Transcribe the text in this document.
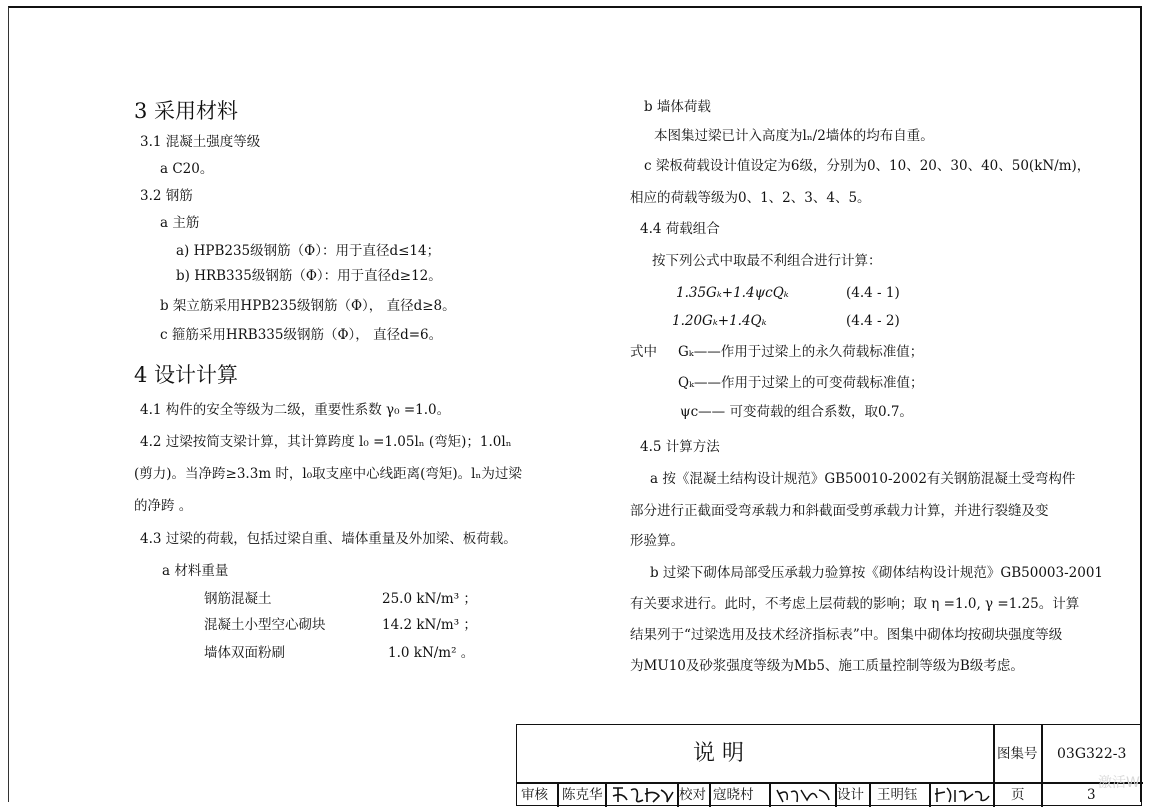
3 采用材料
3.1 混凝土强度等级
a C20。
3.2 钢筋
a 主筋
a) HPB235级钢筋（Φ）：用于直径d≤14；
b) HRB335级钢筋（Φ）：用于直径d≥12。
b 架立筋采用HPB235级钢筋（Φ）， 直径d≥8。
c 箍筋采用HRB335级钢筋（Φ）， 直径d=6。
4 设计计算
4.1 构件的安全等级为二级，重要性系数 γ₀ =1.0。
4.2 过梁按简支梁计算，其计算跨度 l₀ =1.05lₙ (弯矩)；1.0lₙ
(剪力)。当净跨≥3.3m 时，l₀取支座中心线距离(弯矩)。lₙ为过梁
的净跨 。
4.3 过梁的荷载，包括过梁自重、墙体重量及外加梁、板荷载。
a 材料重量
钢筋混凝土	25.0 kN/m³ ；
混凝土小型空心砌块	14.2 kN/m³ ；
墙体双面粉刷	1.0 kN/m² 。
b 墙体荷载
本图集过梁已计入高度为lₙ/2墙体的均布自重。
c 梁板荷载设计值设定为6级，分别为0、10、20、30、40、50(kN/m)，
相应的荷载等级为0、1、2、3、4、5。
4.4 荷载组合
按下列公式中取最不利组合进行计算：
1.35Gₖ+1.4ψcQₖ	(4.4 - 1)
1.20Gₖ+1.4Qₖ	(4.4 - 2)
式中 Gₖ——作用于过梁上的永久荷载标准值；
Qₖ——作用于过梁上的可变荷载标准值；
ψc—— 可变荷载的组合系数，取0.7。
4.5 计算方法
a 按《混凝土结构设计规范》GB50010-2002有关钢筋混凝土受弯构件
部分进行正截面受弯承载力和斜截面受剪承载力计算，并进行裂缝及变
形验算。
b 过梁下砌体局部受压承载力验算按《砌体结构设计规范》GB50003-2001
有关要求进行。此时，不考虑上层荷载的影响；取 η =1.0, γ =1.25。计算
结果列于“过梁选用及技术经济指标表”中。图集中砌体均按砌块强度等级
为MU10及砂浆强度等级为Mb5、施工质量控制等级为B级考虑。
说 明	图集号 03G322-3
审核 陈克华	校对 寇晓村	设计 王明钰	页	3
激活W
